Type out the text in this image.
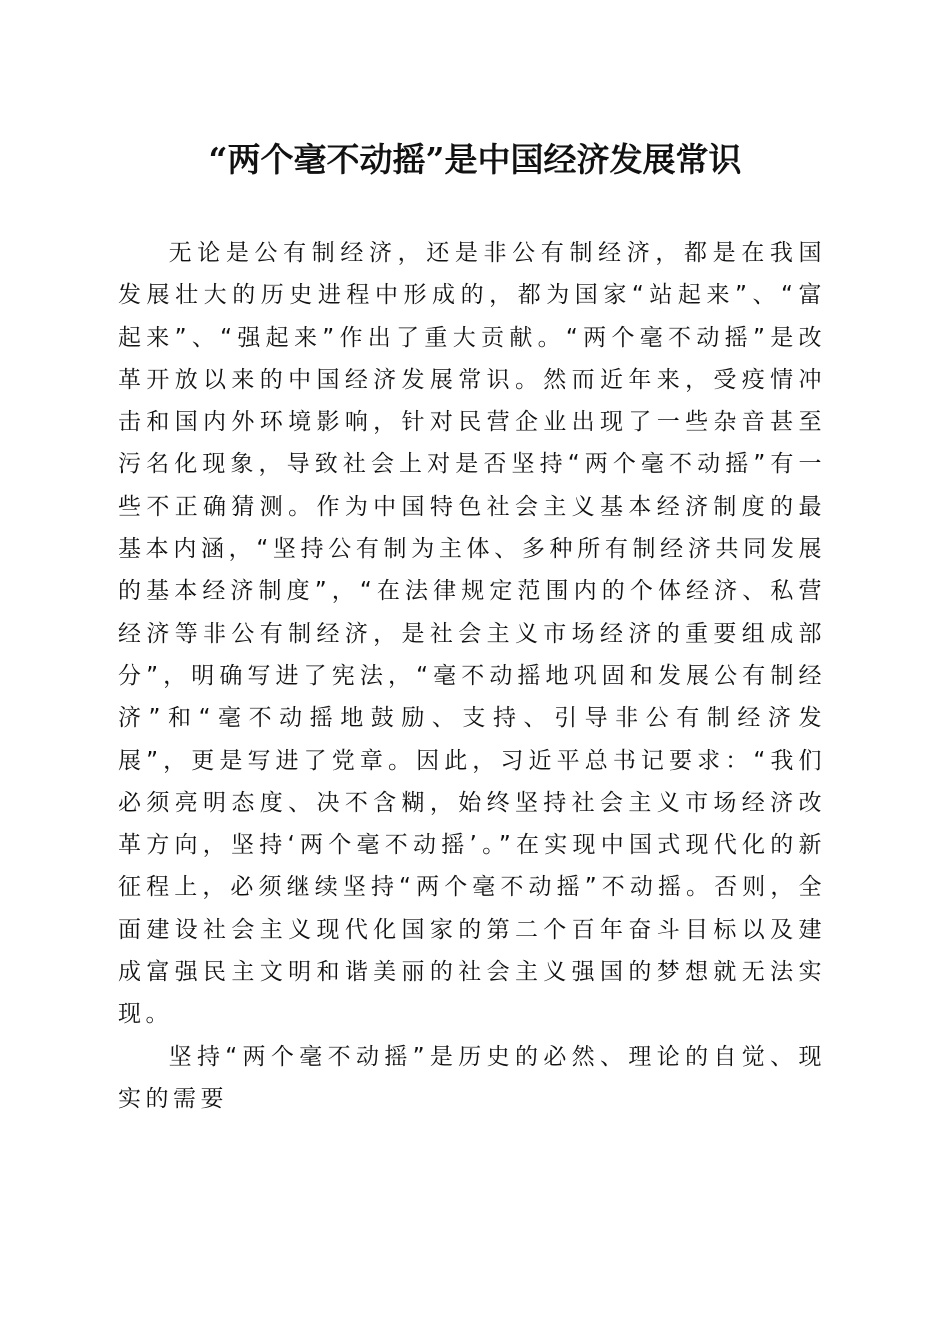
“两个毫不动摇”是中国经济发展常识

无论是公有制经济，还是非公有制经济，都是在我国发展壮大的历史进程中形成的，都为国家“站起来”、“富起来”、“强起来”作出了重大贡献。“两个毫不动摇”是改革开放以来的中国经济发展常识。然而近年来，受疫情冲击和国内外环境影响，针对民营企业出现了一些杂音甚至污名化现象，导致社会上对是否坚持“两个毫不动摇”有一些不正确猜测。作为中国特色社会主义基本经济制度的最基本内涵，“坚持公有制为主体、多种所有制经济共同发展的基本经济制度”，“在法律规定范围内的个体经济、私营经济等非公有制经济，是社会主义市场经济的重要组成部分”，明确写进了宪法，“毫不动摇地巩固和发展公有制经济”和“毫不动摇地鼓励、支持、引导非公有制经济发展”，更是写进了党章。因此，习近平总书记要求：“我们必须亮明态度、决不含糊，始终坚持社会主义市场经济改革方向，坚持‘两个毫不动摇’。”在实现中国式现代化的新征程上，必须继续坚持“两个毫不动摇”不动摇。否则，全面建设社会主义现代化国家的第二个百年奋斗目标以及建成富强民主文明和谐美丽的社会主义强国的梦想就无法实现。

坚持“两个毫不动摇”是历史的必然、理论的自觉、现实的需要
